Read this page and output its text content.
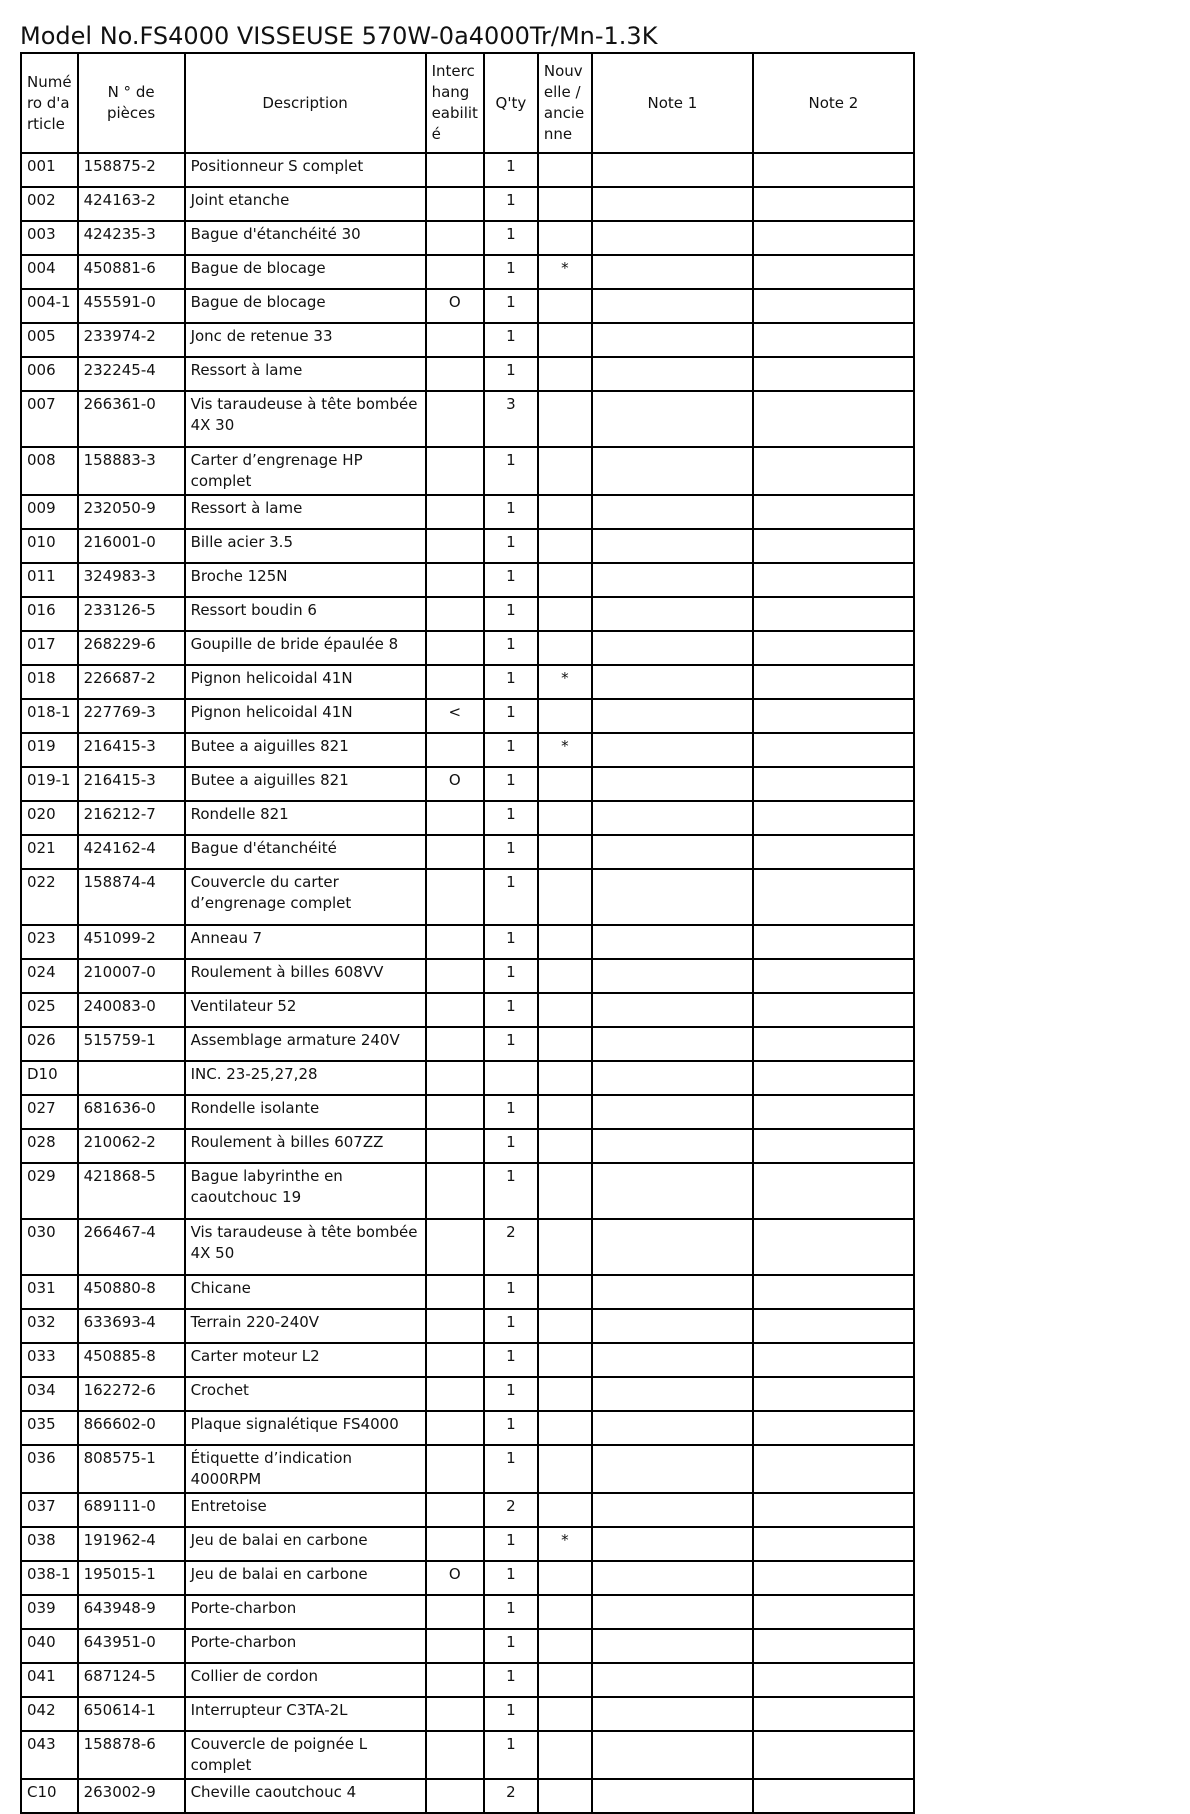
Model No.FS4000 VISSEUSE 570W-0a4000Tr/Mn-1.3K
Numé ro d'a rticle	N ° de pièces	Description	Interc hang eabilit é	Q'ty	Nouv elle / ancie nne	Note 1	Note 2
001	158875-2	Positionneur S complet		1			
002	424163-2	Joint etanche		1			
003	424235-3	Bague d'étanchéité 30		1			
004	450881-6	Bague de blocage		1	*		
004-1	455591-0	Bague de blocage	O	1			
005	233974-2	Jonc de retenue 33		1			
006	232245-4	Ressort à lame		1			
007	266361-0	Vis taraudeuse à tête bombée 4X 30		3			
008	158883-3	Carter d’engrenage HP complet		1			
009	232050-9	Ressort à lame		1			
010	216001-0	Bille acier 3.5		1			
011	324983-3	Broche 125N		1			
016	233126-5	Ressort boudin 6		1			
017	268229-6	Goupille de bride épaulée 8		1			
018	226687-2	Pignon helicoidal 41N		1	*		
018-1	227769-3	Pignon helicoidal 41N	<	1			
019	216415-3	Butee a aiguilles 821		1	*		
019-1	216415-3	Butee a aiguilles 821	O	1			
020	216212-7	Rondelle 821		1			
021	424162-4	Bague d'étanchéité		1			
022	158874-4	Couvercle du carter d’engrenage complet		1			
023	451099-2	Anneau 7		1			
024	210007-0	Roulement à billes 608VV		1			
025	240083-0	Ventilateur 52		1			
026	515759-1	Assemblage armature 240V		1			
D10		INC. 23-25,27,28					
027	681636-0	Rondelle isolante		1			
028	210062-2	Roulement à billes 607ZZ		1			
029	421868-5	Bague labyrinthe en caoutchouc 19		1			
030	266467-4	Vis taraudeuse à tête bombée 4X 50		2			
031	450880-8	Chicane		1			
032	633693-4	Terrain 220-240V		1			
033	450885-8	Carter moteur L2		1			
034	162272-6	Crochet		1			
035	866602-0	Plaque signalétique FS4000		1			
036	808575-1	Étiquette d’indication 4000RPM		1			
037	689111-0	Entretoise		2			
038	191962-4	Jeu de balai en carbone		1	*		
038-1	195015-1	Jeu de balai en carbone	O	1			
039	643948-9	Porte-charbon		1			
040	643951-0	Porte-charbon		1			
041	687124-5	Collier de cordon		1			
042	650614-1	Interrupteur C3TA-2L		1			
043	158878-6	Couvercle de poignée L complet		1			
C10	263002-9	Cheville caoutchouc 4		2			
